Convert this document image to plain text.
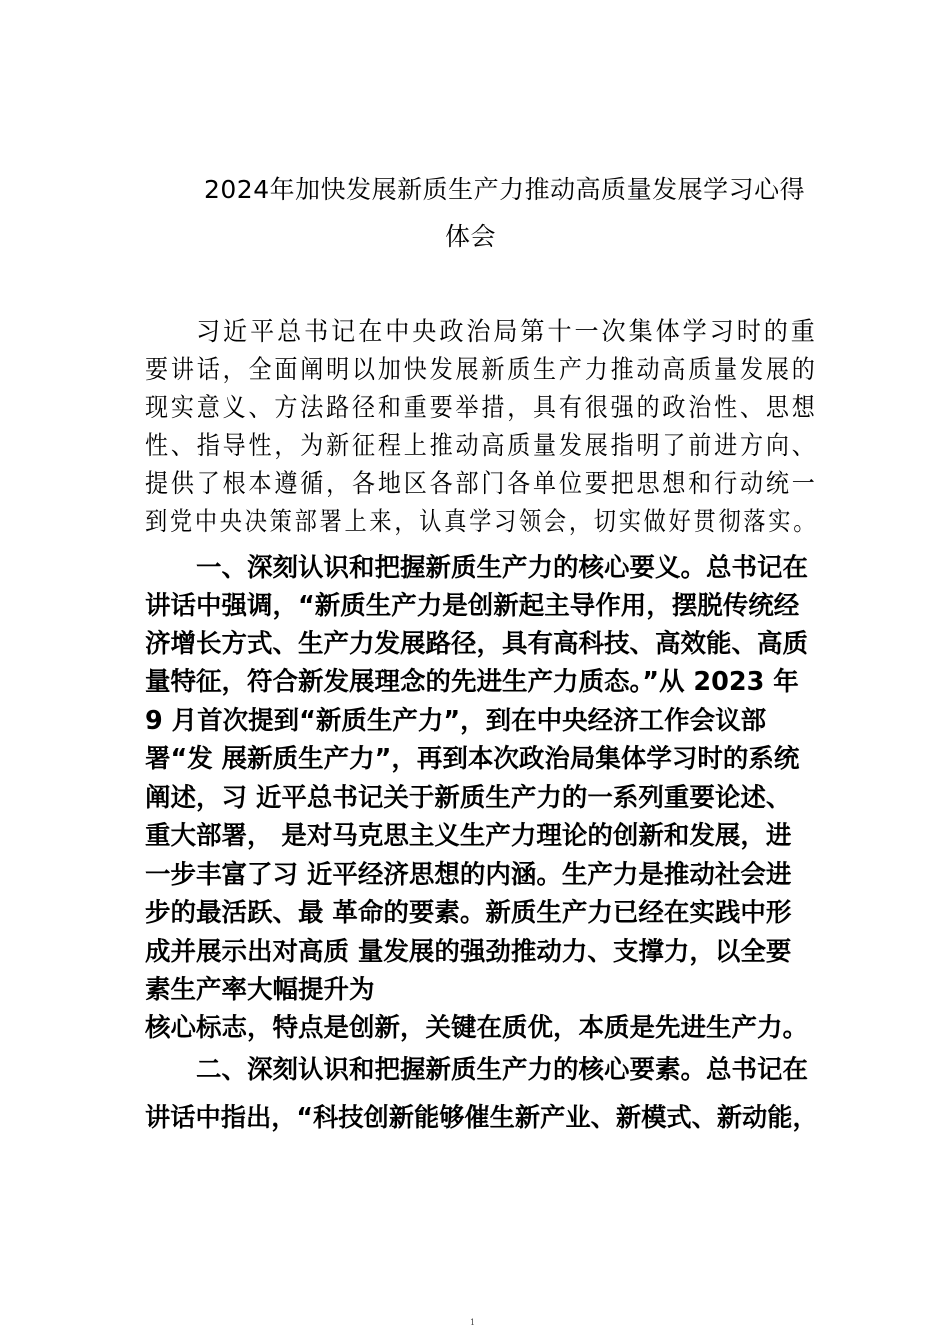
2024年加快发展新质生产力推动高质量发展学习心得
体会
习近平总书记在中央政治局第十一次集体学习时的重
要讲话，全面阐明以加快发展新质生产力推动高质量发展的
现实意义、方法路径和重要举措，具有很强的政治性、思想
性、指导性，为新征程上推动高质量发展指明了前进方向、
提供了根本遵循，各地区各部门各单位要把思想和行动统一
到党中央决策部署上来，认真学习领会，切实做好贯彻落实。
一、深刻认识和把握新质生产力的核心要义。总书记在
讲话中强调，“新质生产力是创新起主导作用，摆脱传统经
济增长方式、生产力发展路径，具有高科技、高效能、高质
量特征，符合新发展理念的先进生产力质态。”从 2023 年
9 月首次提到“新质生产力”，到在中央经济工作会议部
署“发 展新质生产力”，再到本次政治局集体学习时的系统
阐述，习 近平总书记关于新质生产力的一系列重要论述、
重大部署， 是对马克思主义生产力理论的创新和发展，进
一步丰富了习 近平经济思想的内涵。生产力是推动社会进
步的最活跃、最 革命的要素。新质生产力已经在实践中形
成并展示出对高质 量发展的强劲推动力、支撑力，以全要
素生产率大幅提升为
核心标志，特点是创新，关键在质优，本质是先进生产力。
二、深刻认识和把握新质生产力的核心要素。总书记在
讲话中指出，“科技创新能够催生新产业、新模式、新动能，
1
